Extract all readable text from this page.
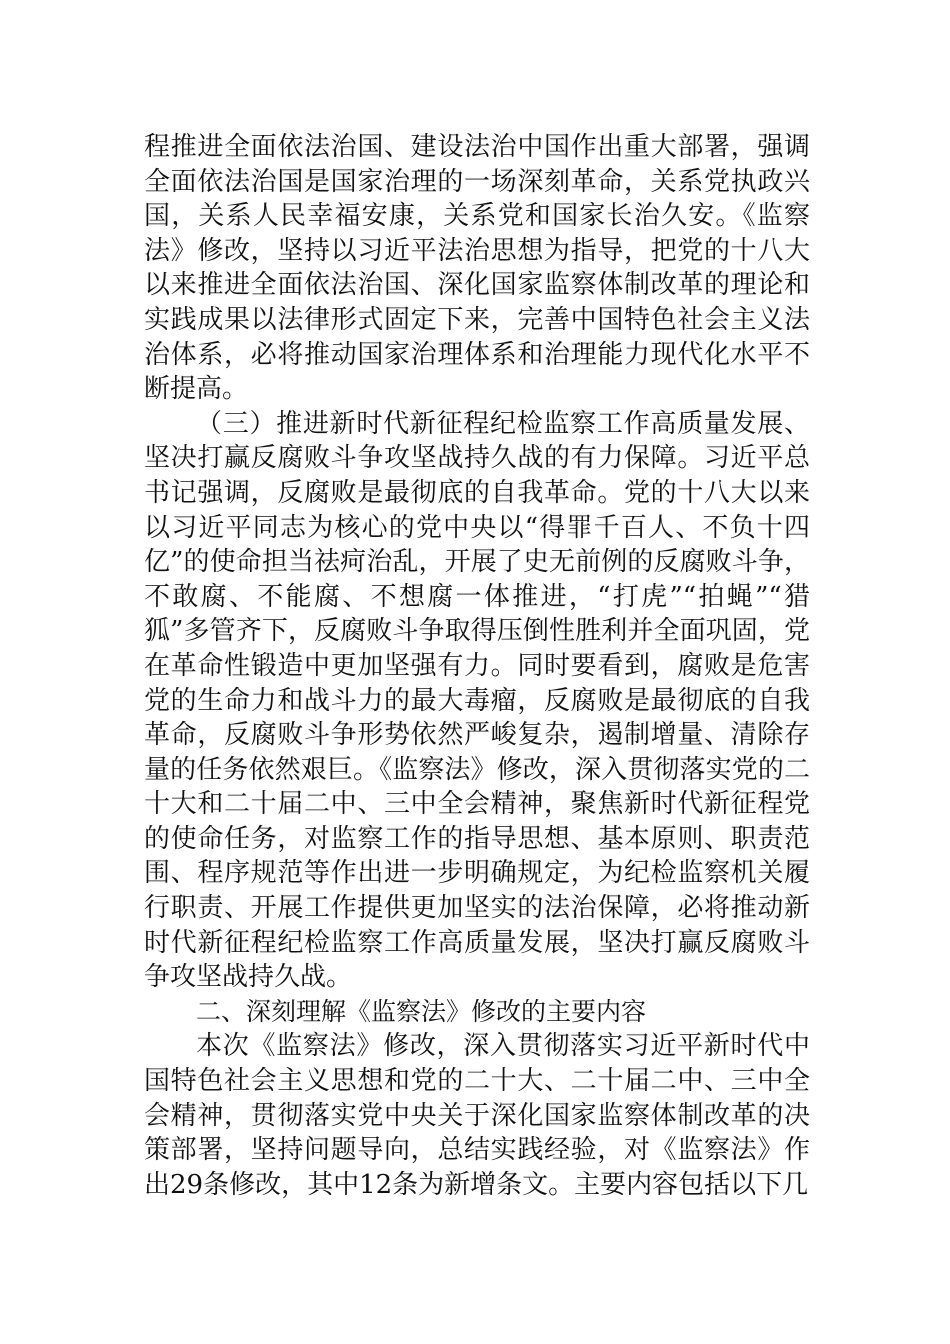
程推进全面依法治国、建设法治中国作出重大部署，强调全面依法治国是国家治理的一场深刻革命，关系党执政兴国，关系人民幸福安康，关系党和国家长治久安。《监察法》修改，坚持以习近平法治思想为指导，把党的十八大以来推进全面依法治国、深化国家监察体制改革的理论和实践成果以法律形式固定下来，完善中国特色社会主义法治体系，必将推动国家治理体系和治理能力现代化水平不断提高。

（三）推进新时代新征程纪检监察工作高质量发展、坚决打赢反腐败斗争攻坚战持久战的有力保障。习近平总书记强调，反腐败是最彻底的自我革命。党的十八大以来以习近平同志为核心的党中央以“得罪千百人、不负十四亿”的使命担当祛疴治乱，开展了史无前例的反腐败斗争，不敢腐、不能腐、不想腐一体推进，“打虎”“拍蝇”“猎狐”多管齐下，反腐败斗争取得压倒性胜利并全面巩固，党在革命性锻造中更加坚强有力。同时要看到，腐败是危害党的生命力和战斗力的最大毒瘤，反腐败是最彻底的自我革命，反腐败斗争形势依然严峻复杂，遏制增量、清除存量的任务依然艰巨。《监察法》修改，深入贯彻落实党的二十大和二十届二中、三中全会精神，聚焦新时代新征程党的使命任务，对监察工作的指导思想、基本原则、职责范围、程序规范等作出进一步明确规定，为纪检监察机关履行职责、开展工作提供更加坚实的法治保障，必将推动新时代新征程纪检监察工作高质量发展，坚决打赢反腐败斗争攻坚战持久战。

二、深刻理解《监察法》修改的主要内容

本次《监察法》修改，深入贯彻落实习近平新时代中国特色社会主义思想和党的二十大、二十届二中、三中全会精神，贯彻落实党中央关于深化国家监察体制改革的决策部署，坚持问题导向，总结实践经验，对《监察法》作出29条修改，其中12条为新增条文。主要内容包括以下几
